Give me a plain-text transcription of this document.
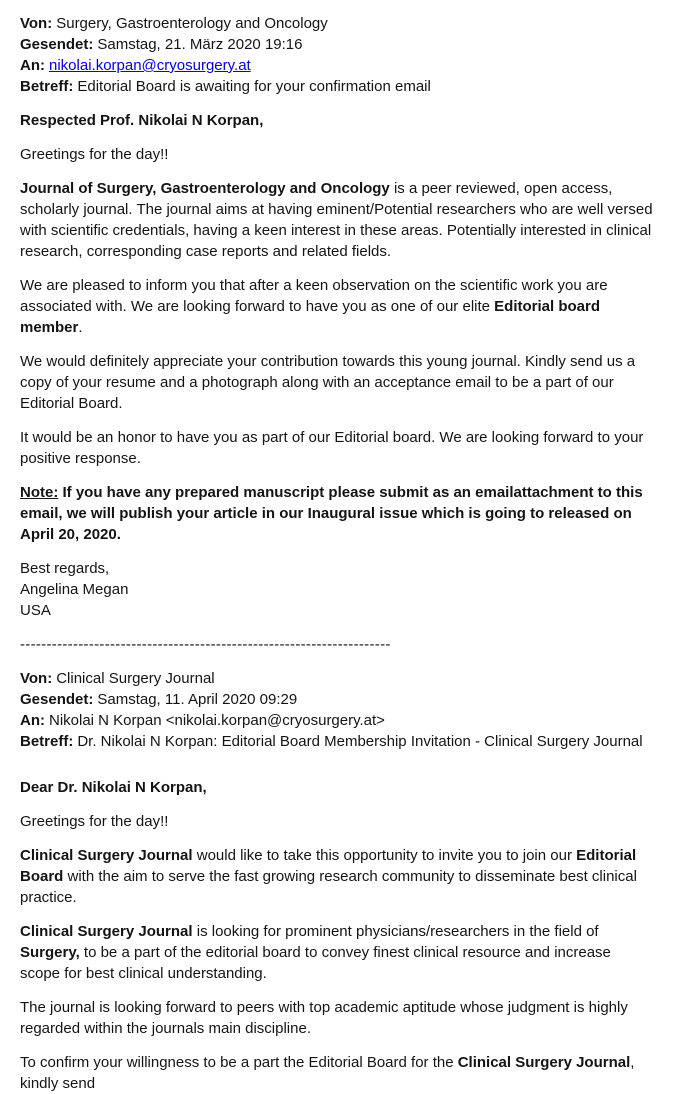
Von: Surgery, Gastroenterology and Oncology
Gesendet: Samstag, 21. März 2020 19:16
An: nikolai.korpan@cryosurgery.at
Betreff: Editorial Board is awaiting for your confirmation email

Respected Prof. Nikolai N Korpan,

Greetings for the day!!

Journal of Surgery, Gastroenterology and Oncology is a peer reviewed, open access, scholarly journal. The journal aims at having eminent/Potential researchers who are well versed with scientific credentials, having a keen interest in these areas. Potentially interested in clinical research, corresponding case reports and related fields.

We are pleased to inform you that after a keen observation on the scientific work you are associated with. We are looking forward to have you as one of our elite Editorial board member.

We would definitely appreciate your contribution towards this young journal. Kindly send us a copy of your resume and a photograph along with an acceptance email to be a part of our Editorial Board.

It would be an honor to have you as part of our Editorial board. We are looking forward to your positive response.

Note: If you have any prepared manuscript please submit as an emailattachment to this email, we will publish your article in our Inaugural issue which is going to released on April 20, 2020.

Best regards,
Angelina Megan
USA

----------------------------------------------------------------------

Von: Clinical Surgery Journal
Gesendet: Samstag, 11. April 2020 09:29
An: Nikolai N Korpan <nikolai.korpan@cryosurgery.at>
Betreff: Dr. Nikolai N Korpan: Editorial Board Membership Invitation - Clinical Surgery Journal

Dear Dr. Nikolai N Korpan,

Greetings for the day!!

Clinical Surgery Journal would like to take this opportunity to invite you to join our Editorial Board with the aim to serve the fast growing research community to disseminate best clinical practice.

Clinical Surgery Journal is looking for prominent physicians/researchers in the field of Surgery, to be a part of the editorial board to convey finest clinical resource and increase scope for best clinical understanding.

The journal is looking forward to peers with top academic aptitude whose judgment is highly regarded within the journals main discipline.

To confirm your willingness to be a part the Editorial Board for the Clinical Surgery Journal, kindly send
